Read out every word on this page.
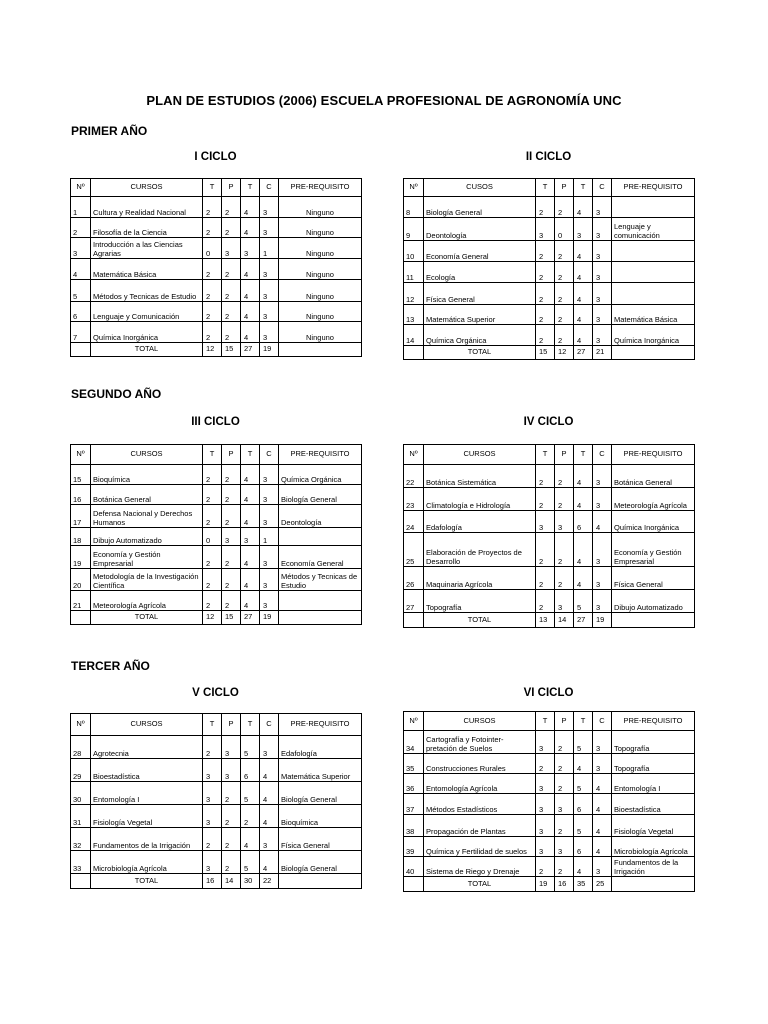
PLAN DE ESTUDIOS (2006) ESCUELA PROFESIONAL DE AGRONOMÍA UNC
PRIMER AÑO
SEGUNDO AÑO
TERCER AÑO
I CICLO
Nº	CURSOS	T	P	T	C	PRE-REQUISITO
1	Cultura y Realidad Nacional	2	2	4	3	Ninguno
2	Filosofía de la Ciencia	2	2	4	3	Ninguno
3	Introducción a las Ciencias Agrarias	0	3	3	1	Ninguno
4	Matemática Básica	2	2	4	3	Ninguno
5	Métodos y Tecnicas de Estudio	2	2	4	3	Ninguno
6	Lenguaje y Comunicación	2	2	4	3	Ninguno
7	Química Inorgánica	2	2	4	3	Ninguno
	TOTAL	12	15	27	19	
II CICLO
Nº	CUSOS	T	P	T	C	PRE-REQUISITO
8	Biología General	2	2	4	3	
9	Deontología	3	0	3	3	Lenguaje y comunicación
10	Economía General	2	2	4	3	
11	Ecología	2	2	4	3	
12	Física General	2	2	4	3	
13	Matemática Superior	2	2	4	3	Matemática Básica
14	Química Orgánica	2	2	4	3	Química Inorgánica
	TOTAL	15	12	27	21	
III CICLO
Nº	CURSOS	T	P	T	C	PRE-REQUISITO
15	Bioquímica	2	2	4	3	Química Orgánica
16	Botánica General	2	2	4	3	Biología General
17	Defensa Nacional y Derechos Humanos	2	2	4	3	Deontología
18	Dibujo Automatizado	0	3	3	1	
19	Economía y Gestión Empresarial	2	2	4	3	Economía General
20	Metodología de la Investigación Científica	2	2	4	3	Métodos y Tecnicas de Estudio
21	Meteorología Agrícola	2	2	4	3	
	TOTAL	12	15	27	19	
IV CICLO
Nº	CURSOS	T	P	T	C	PRE-REQUISITO
22	Botánica Sistemática	2	2	4	3	Botánica General
23	Climatología e Hidrología	2	2	4	3	Meteorología Agrícola
24	Edafología	3	3	6	4	Química Inorgánica
25	Elaboración de Proyectos de Desarrollo	2	2	4	3	Economía y Gestión Empresarial
26	Maquinaria Agrícola	2	2	4	3	Física General
27	Topografía	2	3	5	3	Dibujo Automatizado
	TOTAL	13	14	27	19	
V CICLO
Nº	CURSOS	T	P	T	C	PRE-REQUISITO
28	Agrotecnia	2	3	5	3	Edafología
29	Bioestadística	3	3	6	4	Matemática Superior
30	Entomología I	3	2	5	4	Biología General
31	Fisiología Vegetal	3	2	2	4	Bioquímica
32	Fundamentos de la Irrigación	2	2	4	3	Física General
33	Microbiología Agrícola	3	2	5	4	Biología General
	TOTAL	16	14	30	22	
VI CICLO
Nº	CURSOS	T	P	T	C	PRE-REQUISITO
34	Cartografía y Fotointer- pretación de Suelos	3	2	5	3	Topografía
35	Construcciones Rurales	2	2	4	3	Topografía
36	Entomología Agrícola	3	2	5	4	Entomología I
37	Métodos Estadísticos	3	3	6	4	Bioestadística
38	Propagación de Plantas	3	2	5	4	Fisiología Vegetal
39	Química y Fertilidad de suelos	3	3	6	4	Microbiología Agrícola
40	Sistema de Riego y Drenaje	2	2	4	3	Fundamentos de la Irrigación
	TOTAL	19	16	35	25	
